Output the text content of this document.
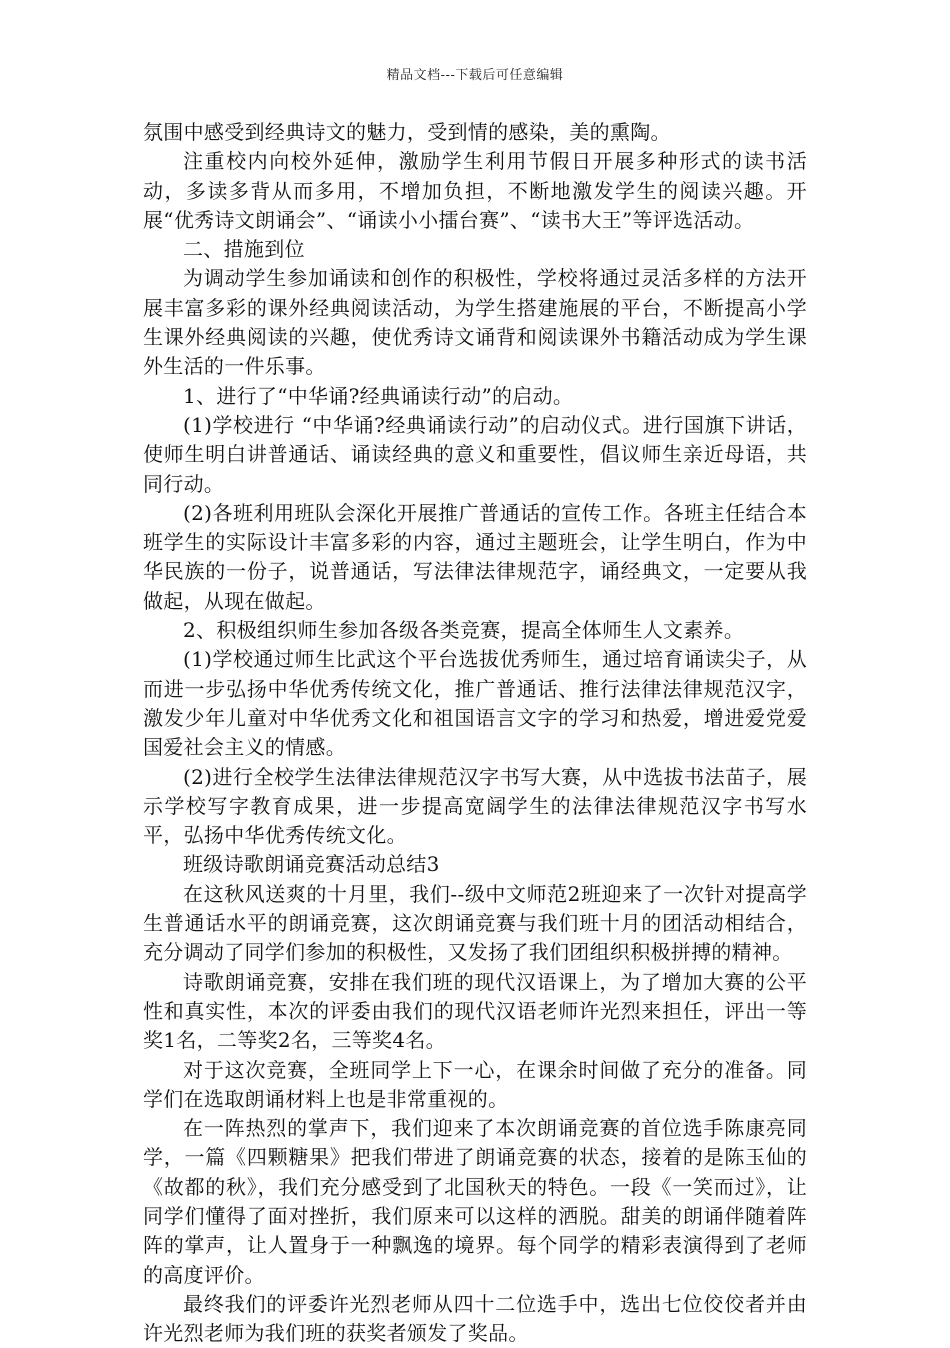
精品文档---下载后可任意编辑

氛围中感受到经典诗文的魅力，受到情的感染，美的熏陶。

注重校内向校外延伸，激励学生利用节假日开展多种形式的读书活动，多读多背从而多用，不增加负担，不断地激发学生的阅读兴趣。开展“优秀诗文朗诵会”、“诵读小小擂台赛”、“读书大王”等评选活动。

二、措施到位

为调动学生参加诵读和创作的积极性，学校将通过灵活多样的方法开展丰富多彩的课外经典阅读活动，为学生搭建施展的平台，不断提高小学生课外经典阅读的兴趣，使优秀诗文诵背和阅读课外书籍活动成为学生课外生活的一件乐事。

1、进行了“中华诵?经典诵读行动”的启动。

(1)学校进行 “中华诵?经典诵读行动”的启动仪式。进行国旗下讲话，使师生明白讲普通话、诵读经典的意义和重要性，倡议师生亲近母语，共同行动。

(2)各班利用班队会深化开展推广普通话的宣传工作。各班主任结合本班学生的实际设计丰富多彩的内容，通过主题班会，让学生明白，作为中华民族的一份子，说普通话，写法律法律规范字，诵经典文，一定要从我做起，从现在做起。

2、积极组织师生参加各级各类竞赛，提高全体师生人文素养。

(1)学校通过师生比武这个平台选拔优秀师生，通过培育诵读尖子，从而进一步弘扬中华优秀传统文化，推广普通话、推行法律法律规范汉字，激发少年儿童对中华优秀文化和祖国语言文字的学习和热爱，增进爱党爱国爱社会主义的情感。

(2)进行全校学生法律法律规范汉字书写大赛，从中选拔书法苗子，展示学校写字教育成果，进一步提高宽阔学生的法律法律规范汉字书写水平，弘扬中华优秀传统文化。

班级诗歌朗诵竞赛活动总结3

在这秋风送爽的十月里，我们--级中文师范2班迎来了一次针对提高学生普通话水平的朗诵竞赛，这次朗诵竞赛与我们班十月的团活动相结合，充分调动了同学们参加的积极性，又发扬了我们团组织积极拼搏的精神。

诗歌朗诵竞赛，安排在我们班的现代汉语课上，为了增加大赛的公平性和真实性，本次的评委由我们的现代汉语老师许光烈来担任，评出一等奖1名，二等奖2名，三等奖4名。

对于这次竞赛，全班同学上下一心，在课余时间做了充分的准备。同学们在选取朗诵材料上也是非常重视的。

在一阵热烈的掌声下，我们迎来了本次朗诵竞赛的首位选手陈康亮同学，一篇《四颗糖果》把我们带进了朗诵竞赛的状态，接着的是陈玉仙的《故都的秋》，我们充分感受到了北国秋天的特色。一段《一笑而过》，让同学们懂得了面对挫折，我们原来可以这样的洒脱。甜美的朗诵伴随着阵阵的掌声，让人置身于一种飘逸的境界。每个同学的精彩表演得到了老师的高度评价。

最终我们的评委许光烈老师从四十二位选手中，选出七位佼佼者并由许光烈老师为我们班的获奖者颁发了奖品。
